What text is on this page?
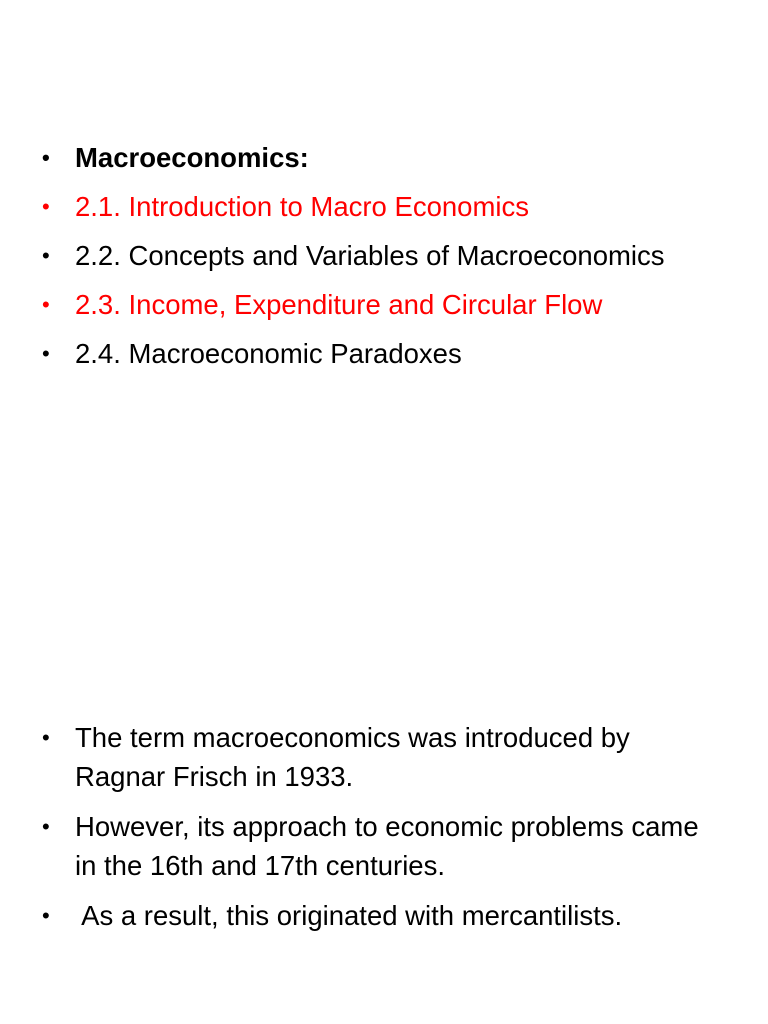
• Macroeconomics:
• 2.1. Introduction to Macro Economics
• 2.2. Concepts and Variables of Macroeconomics
• 2.3. Income, Expenditure and Circular Flow
• 2.4. Macroeconomic Paradoxes
• The term macroeconomics was introduced by Ragnar Frisch in 1933.
• However, its approach to economic problems came in the 16th and 17th centuries.
• As a result, this originated with mercantilists.
